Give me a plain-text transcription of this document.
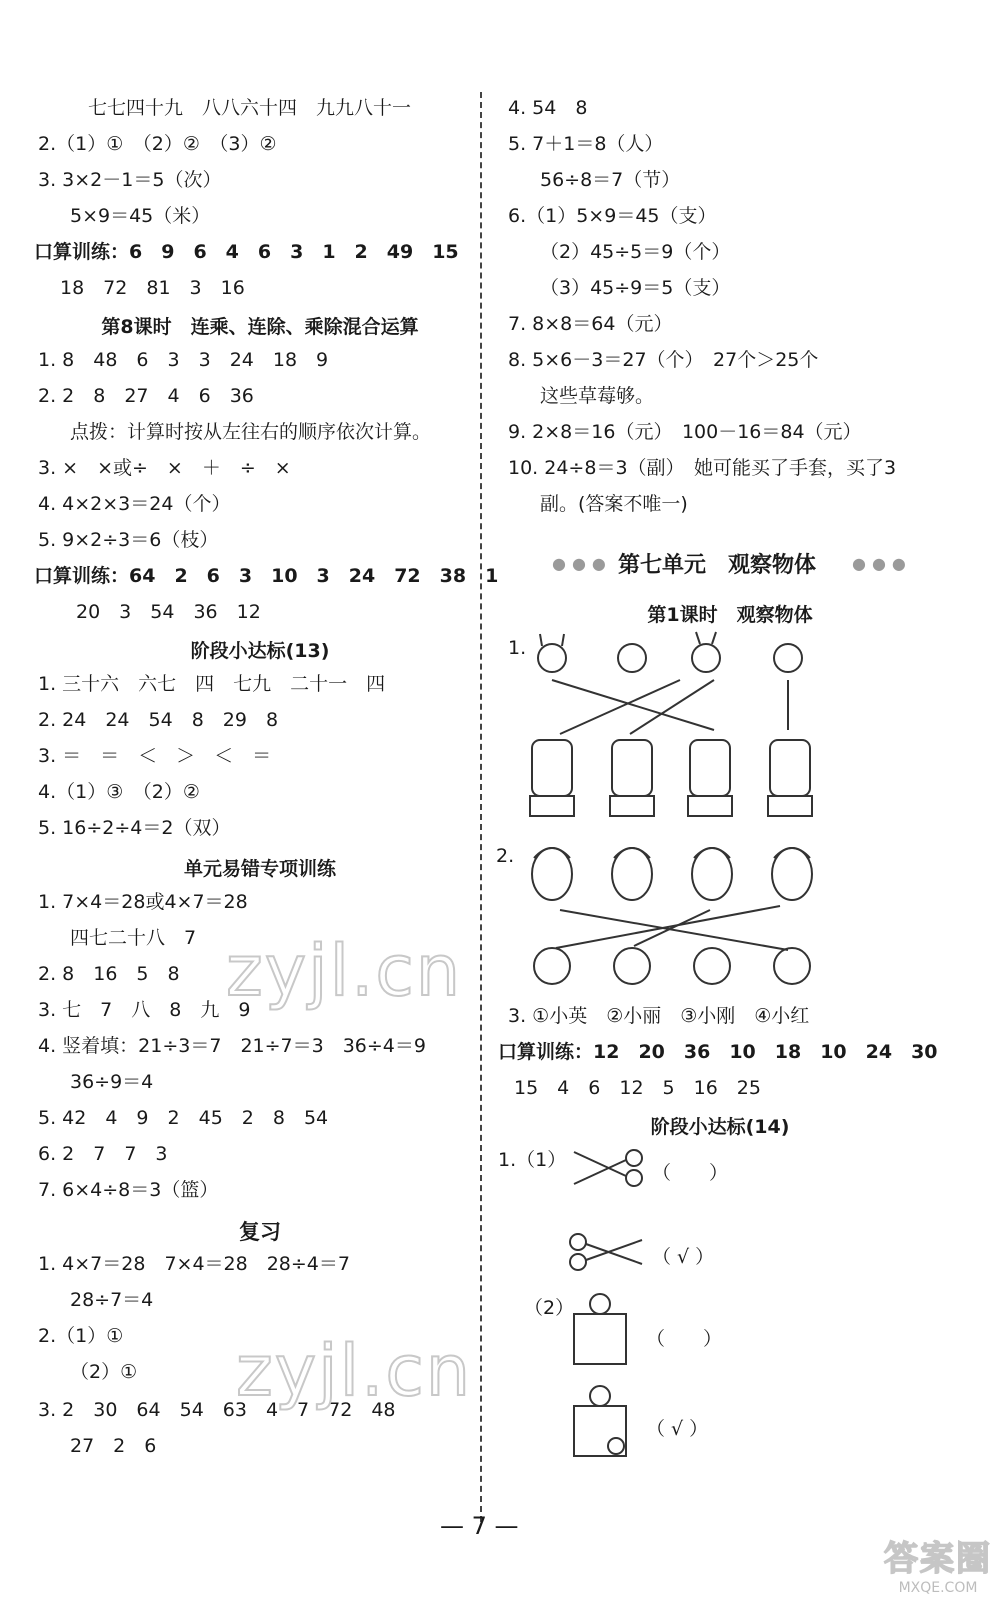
七七四十九　八八六十四　九九八十一
2.（1）①　（2）②　（3）②
3. 3×2－1＝5（次）
5×9＝45（米）
口算训练：6　9　6　4　6　3　1　2　49　15
18　72　81　3　16
第8课时　连乘、连除、乘除混合运算
1. 8　48　6　3　3　24　18　9
2. 2　8　27　4　6　36
点拨：计算时按从左往右的顺序依次计算。
3. ×　×或÷　×　＋　÷　×
4. 4×2×3＝24（个）
5. 9×2÷3＝6（枝）
口算训练：64　2　6　3　10　3　24　72　38　1
20　3　54　36　12
阶段小达标(13)
1. 三十六　六七　四　七九　二十一　四
2. 24　24　54　8　29　8
3. ＝　＝　＜　＞　＜　＝
4.（1）③　（2）②
5. 16÷2÷4＝2（双）
单元易错专项训练
1. 7×4＝28或4×7＝28
四七二十八　7
2. 8　16　5　8
3. 七　7　八　8　九　9
4. 竖着填：21÷3＝7　21÷7＝3　36÷4＝9
36÷9＝4
5. 42　4　9　2　45　2　8　54
6. 2　7　7　3
7. 6×4÷8＝3（篮）
复习
1. 4×7＝28　7×4＝28　28÷4＝7
28÷7＝4
2.（1）①
（2）①
3. 2　30　64　54　63　4　7　72　48
27　2　6
4. 54　8
5. 7＋1＝8（人）
56÷8＝7（节）
6.（1）5×9＝45（支）
（2）45÷5＝9（个）
（3）45÷9＝5（支）
7. 8×8＝64（元）
8. 5×6－3＝27（个）　27个＞25个
这些草莓够。
9. 2×8＝16（元）　100－16＝84（元）
10. 24÷8＝3（副）　她可能买了手套，买了3
副。(答案不唯一)
●●● 第七单元　观察物体 ●●●
第1课时　观察物体
1.
2.
3. ①小英　②小丽　③小刚　④小红
口算训练：12　20　36　10　18　10　24　30
15　4　6　12　5　16　25
阶段小达标(14)
1.（1）
（　　）
（ √ ）
（2）
（　　）
（ √ ）
zyjl.cn
zyjl.cn
— 7 —
答案圈
MXQE.COM
